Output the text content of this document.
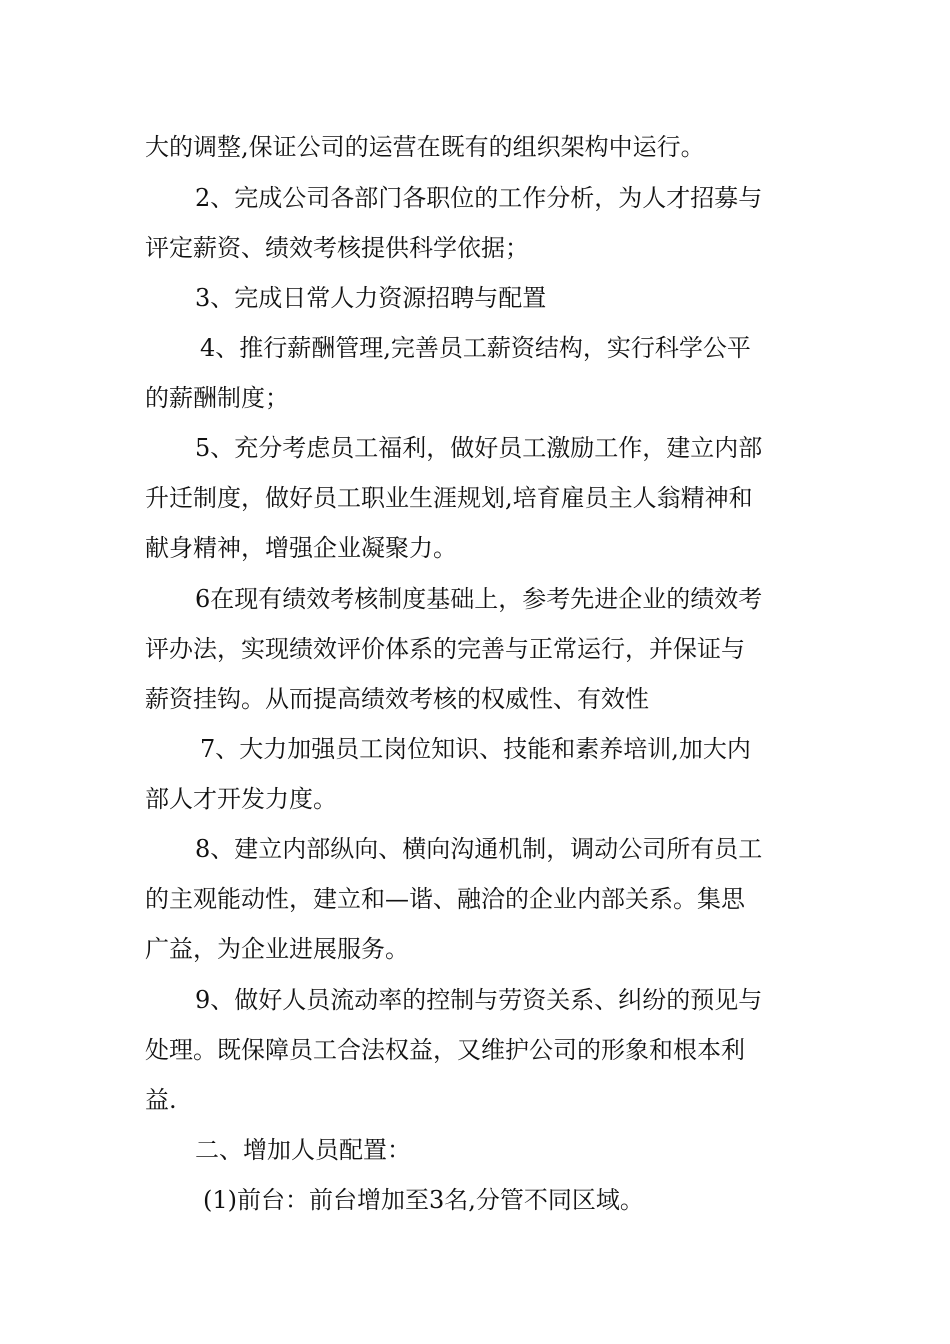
大的调整,保证公司的运营在既有的组织架构中运行。
2、完成公司各部门各职位的工作分析，为人才招募与
评定薪资、绩效考核提供科学依据；
3、完成日常人力资源招聘与配置
4、推行薪酬管理,完善员工薪资结构，实行科学公平
的薪酬制度；
5、充分考虑员工福利，做好员工激励工作，建立内部
升迁制度，做好员工职业生涯规划,培育雇员主人翁精神和
献身精神，增强企业凝聚力。
6在现有绩效考核制度基础上，参考先进企业的绩效考
评办法，实现绩效评价体系的完善与正常运行，并保证与
薪资挂钩。从而提高绩效考核的权威性、有效性
7、大力加强员工岗位知识、技能和素养培训,加大内
部人才开发力度。
8、建立内部纵向、横向沟通机制，调动公司所有员工
的主观能动性，建立和—谐、融洽的企业内部关系。集思
广益，为企业进展服务。
9、做好人员流动率的控制与劳资关系、纠纷的预见与
处理。既保障员工合法权益，又维护公司的形象和根本利
益.
二、增加人员配置：
(1)前台：前台增加至3名,分管不同区域。
